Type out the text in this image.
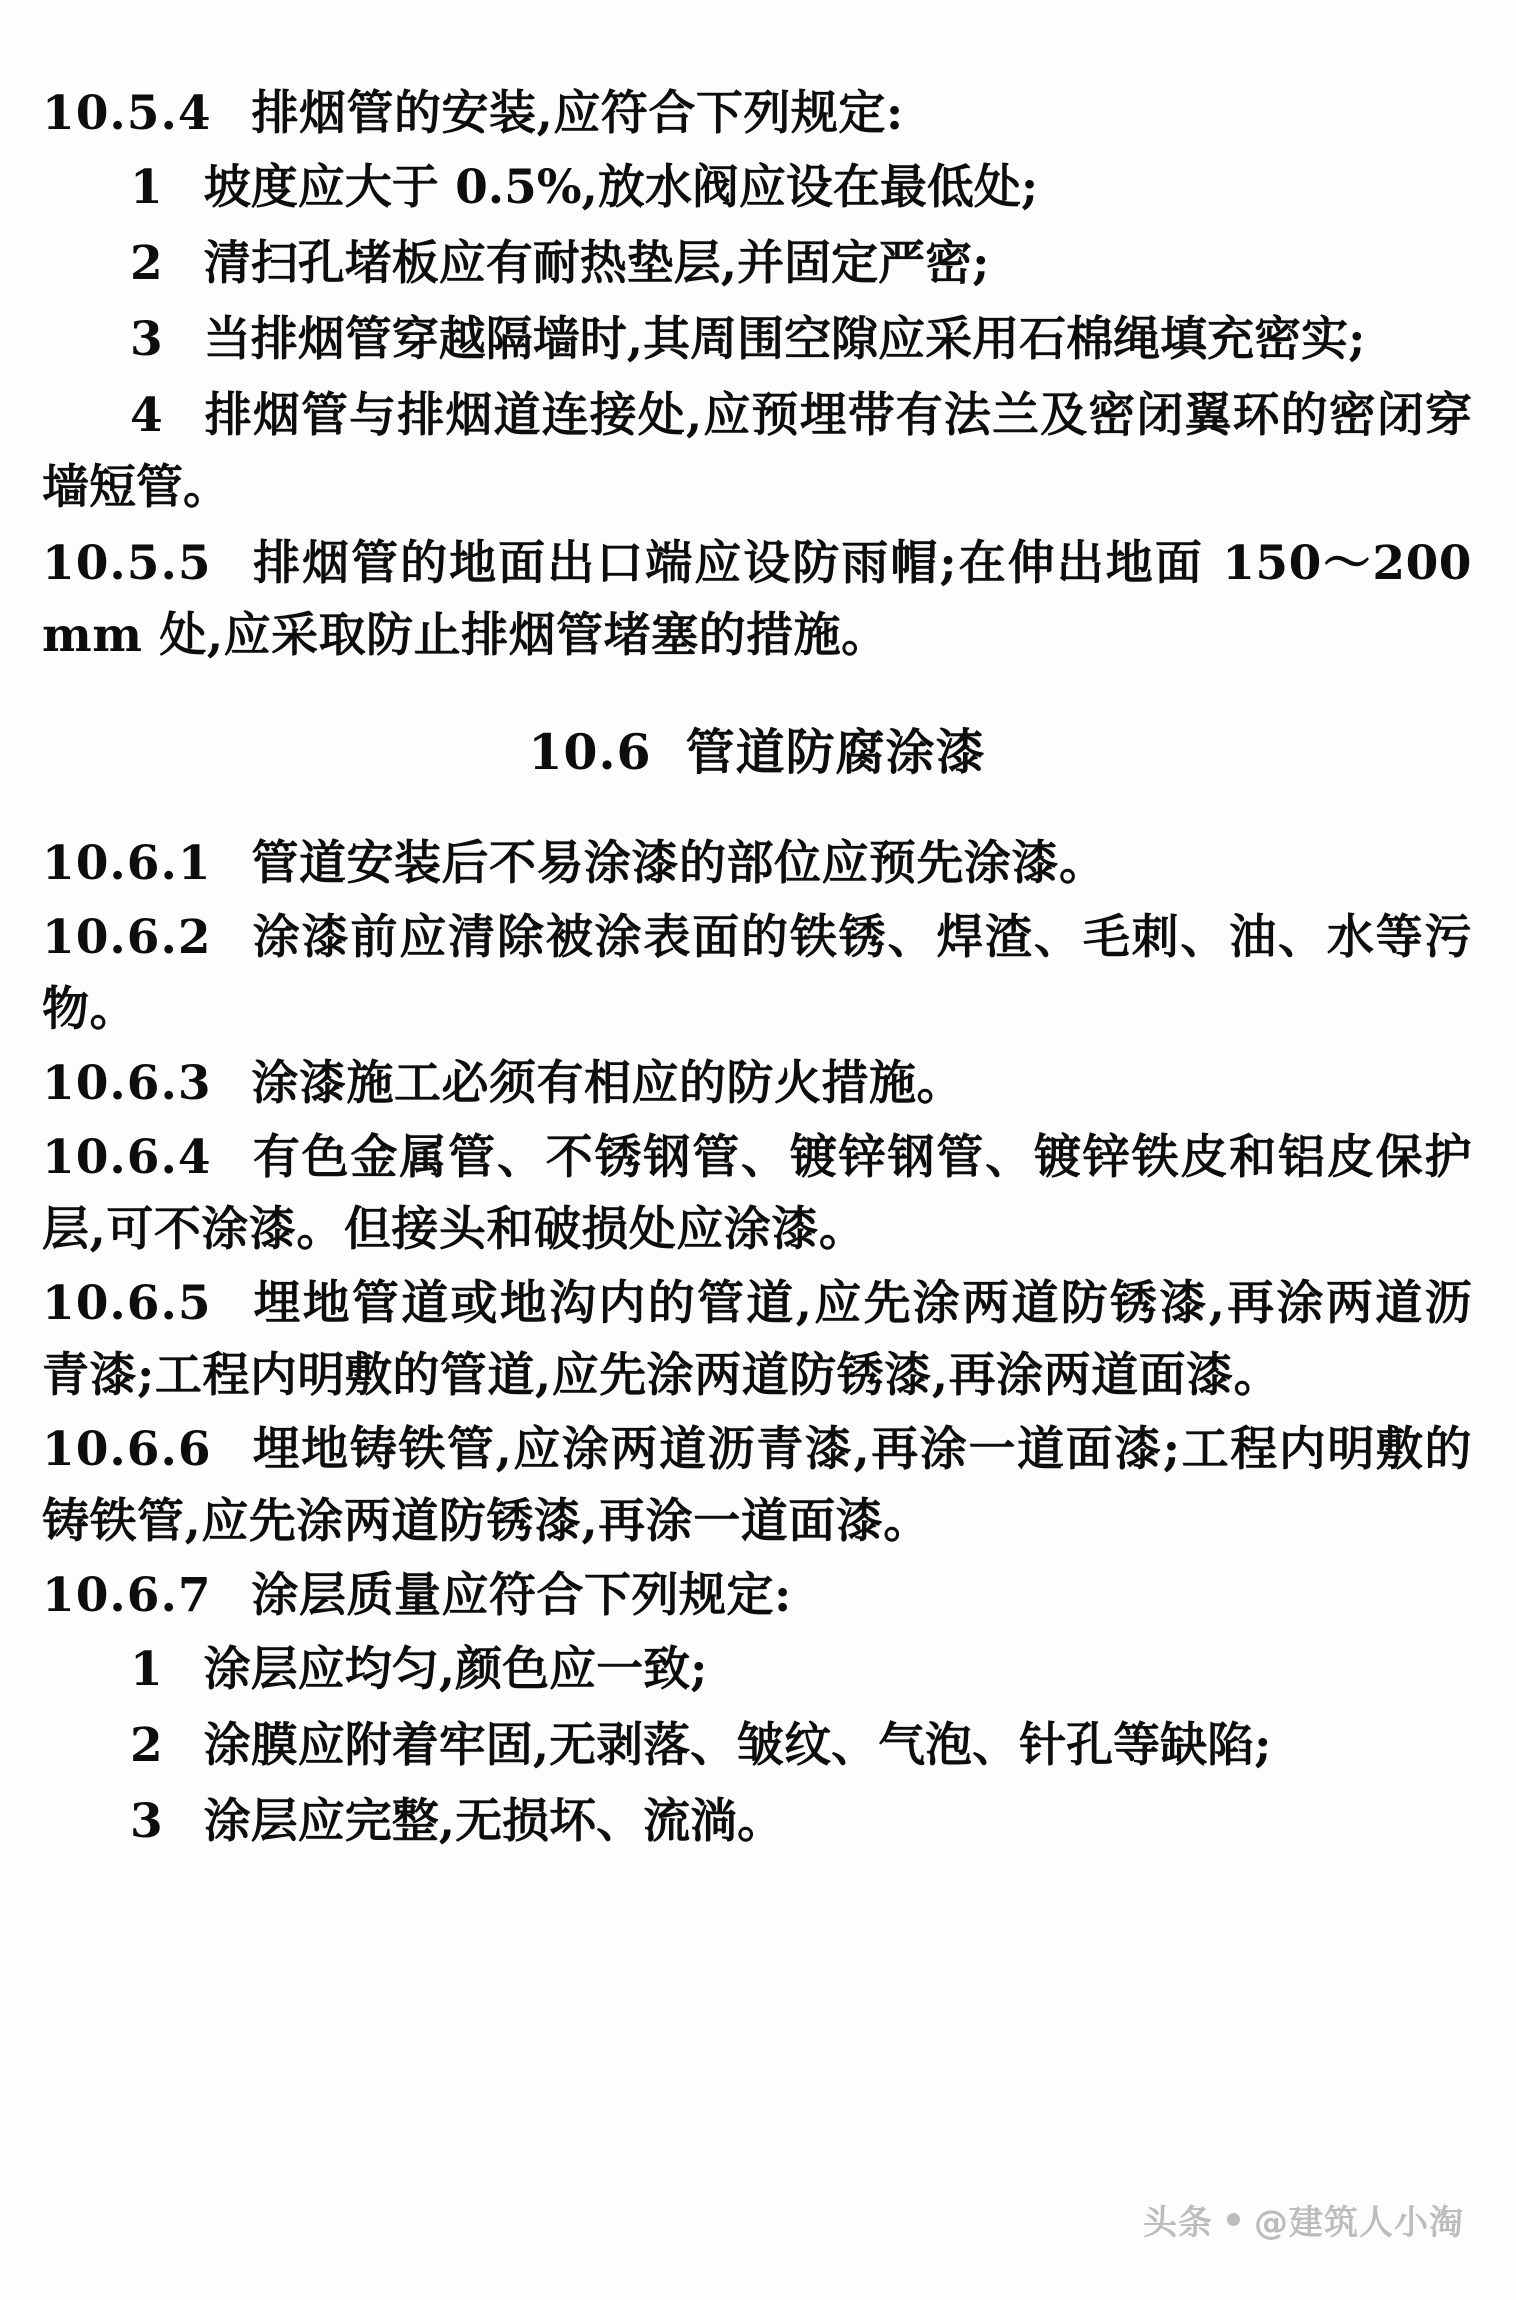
10.5.4 排烟管的安装,应符合下列规定:

1 坡度应大于 0.5%,放水阀应设在最低处;

2 清扫孔堵板应有耐热垫层,并固定严密;

3 当排烟管穿越隔墙时,其周围空隙应采用石棉绳填充密实;

4 排烟管与排烟道连接处,应预埋带有法兰及密闭翼环的密闭穿墙短管。

10.5.5 排烟管的地面出口端应设防雨帽;在伸出地面 150～200mm 处,应采取防止排烟管堵塞的措施。

10.6 管道防腐涂漆

10.6.1 管道安装后不易涂漆的部位应预先涂漆。

10.6.2 涂漆前应清除被涂表面的铁锈、焊渣、毛刺、油、水等污物。

10.6.3 涂漆施工必须有相应的防火措施。

10.6.4 有色金属管、不锈钢管、镀锌钢管、镀锌铁皮和铝皮保护层,可不涂漆。但接头和破损处应涂漆。

10.6.5 埋地管道或地沟内的管道,应先涂两道防锈漆,再涂两道沥青漆;工程内明敷的管道,应先涂两道防锈漆,再涂两道面漆。

10.6.6 埋地铸铁管,应涂两道沥青漆,再涂一道面漆;工程内明敷的铸铁管,应先涂两道防锈漆,再涂一道面漆。

10.6.7 涂层质量应符合下列规定:

1 涂层应均匀,颜色应一致;

2 涂膜应附着牢固,无剥落、皱纹、气泡、针孔等缺陷;

3 涂层应完整,无损坏、流淌。

头条 @建筑人小淘
